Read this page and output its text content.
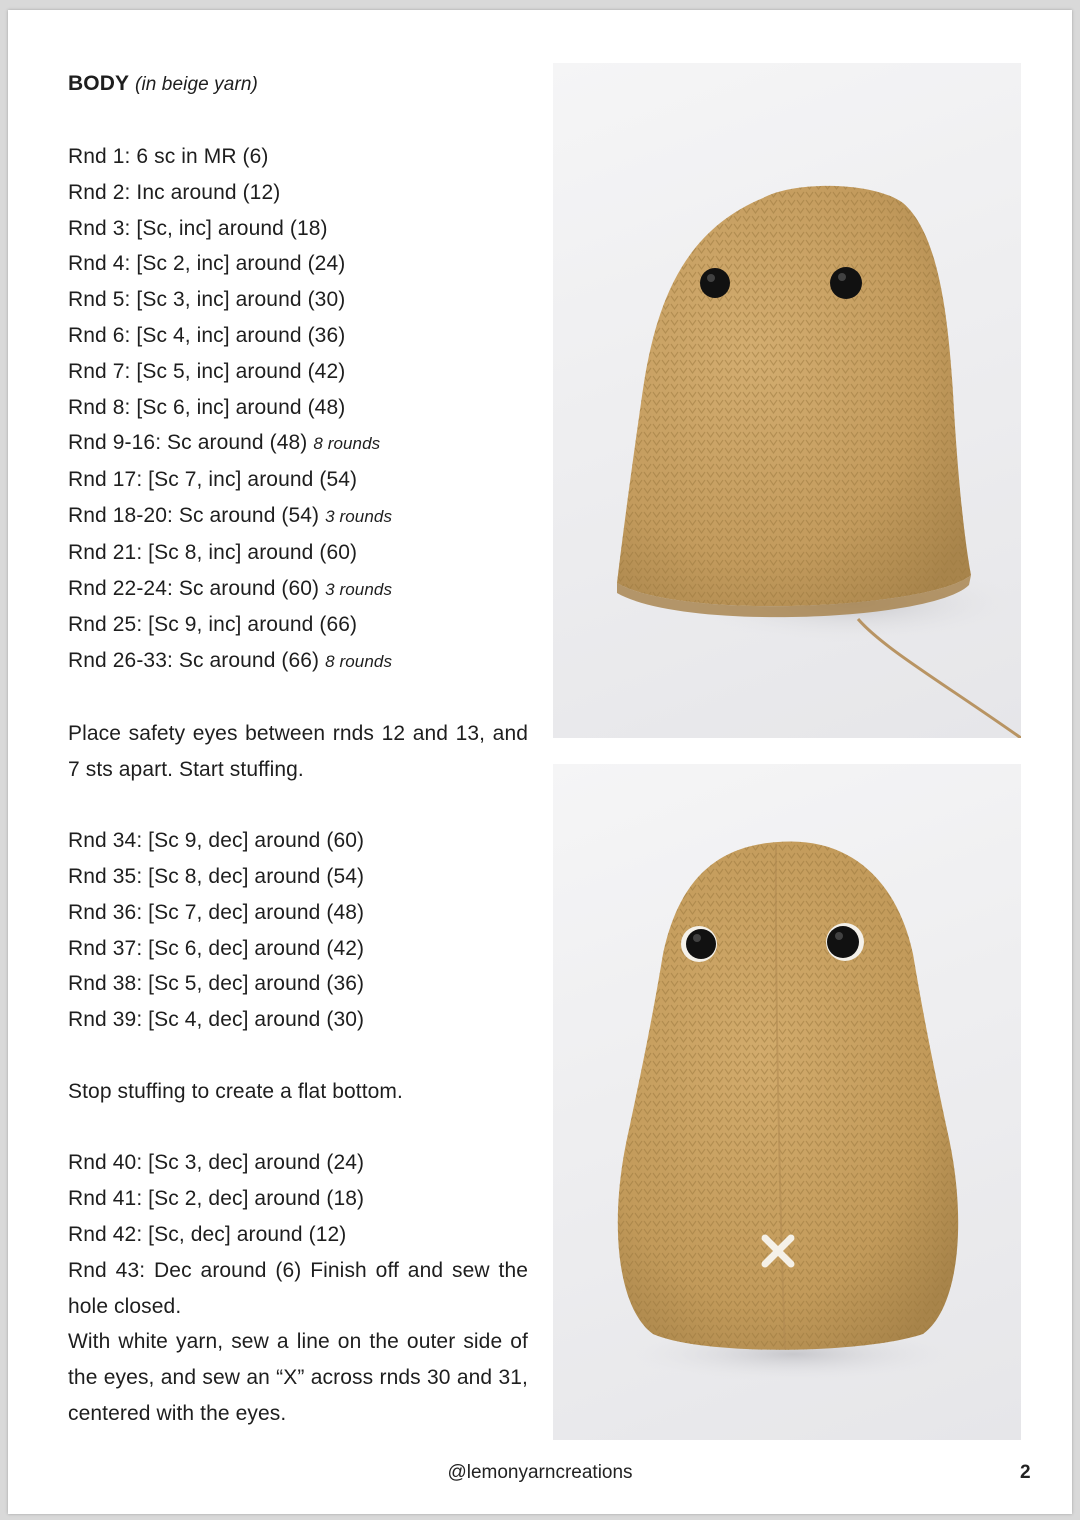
BODY (in beige yarn)
Rnd 1: 6 sc in MR (6)
Rnd 2: Inc around (12)
Rnd 3: [Sc, inc] around (18)
Rnd 4: [Sc 2, inc] around (24)
Rnd 5: [Sc 3, inc] around (30)
Rnd 6: [Sc 4, inc] around (36)
Rnd 7: [Sc 5, inc] around (42)
Rnd 8: [Sc 6, inc] around (48)
Rnd 9-16: Sc around (48) 8 rounds
Rnd 17: [Sc 7, inc] around (54)
Rnd 18-20: Sc around (54) 3 rounds
Rnd 21: [Sc 8, inc] around (60)
Rnd 22-24: Sc around (60) 3 rounds
Rnd 25: [Sc 9, inc] around (66)
Rnd 26-33: Sc around (66) 8 rounds
Place safety eyes between rnds 12 and 13, and 7 sts apart. Start stuffing.
Rnd 34: [Sc 9, dec] around (60)
Rnd 35: [Sc 8, dec] around (54)
Rnd 36: [Sc 7, dec] around (48)
Rnd 37: [Sc 6, dec] around (42)
Rnd 38: [Sc 5, dec] around (36)
Rnd 39: [Sc 4, dec] around (30)
Stop stuffing to create a flat bottom.
Rnd 40: [Sc 3, dec] around (24)
Rnd 41: [Sc 2, dec] around (18)
Rnd 42: [Sc, dec] around (12)
Rnd 43: Dec around (6) Finish off and sew the hole closed.
With white yarn, sew a line on the outer side of the eyes, and sew an “X” across rnds 30 and 31, centered with the eyes.
@lemonyarncreations	2
